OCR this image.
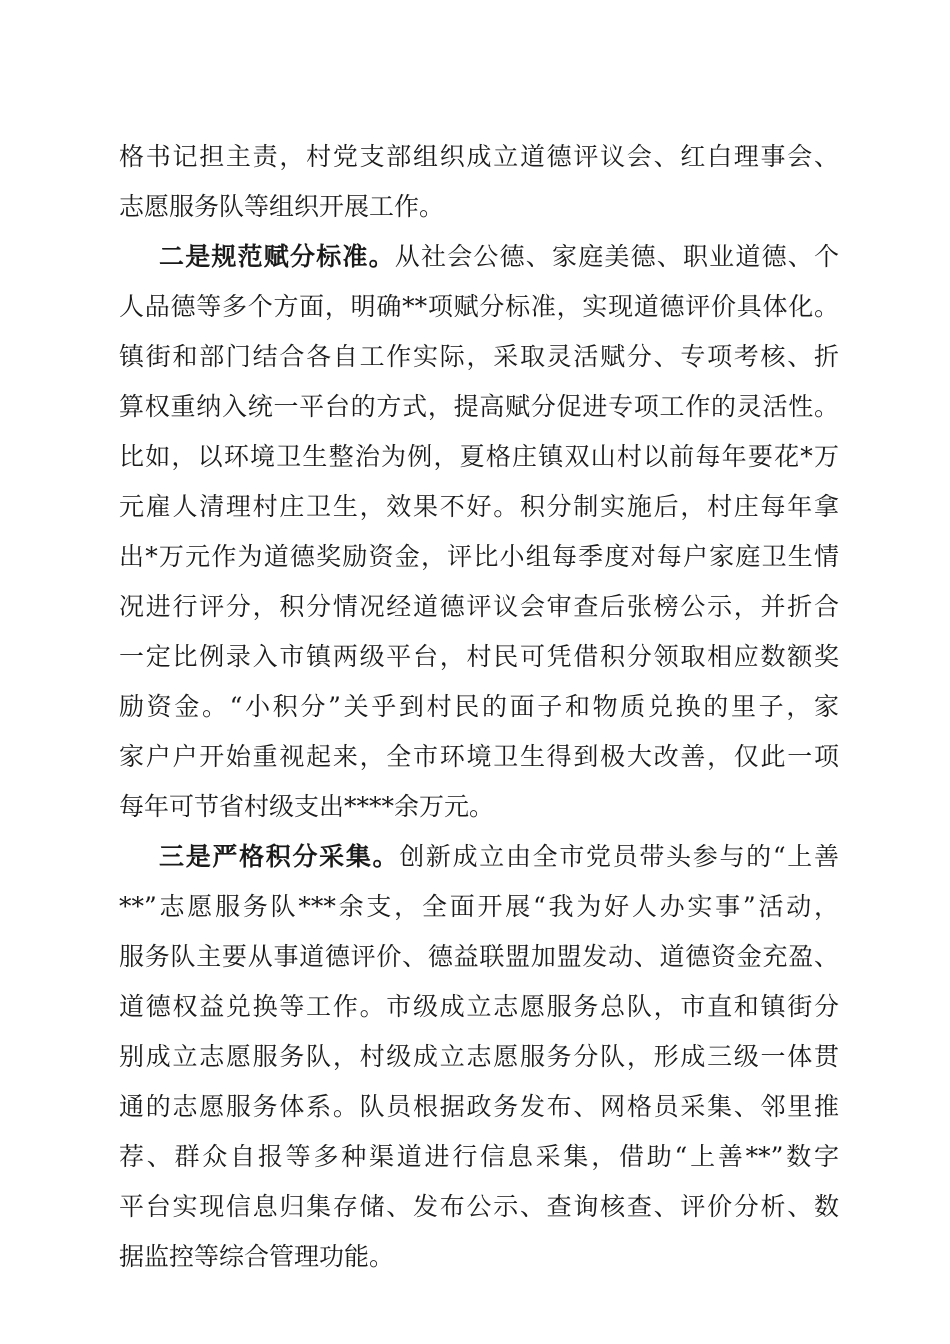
格书记担主责，村党支部组织成立道德评议会、红白理事会、
志愿服务队等组织开展工作。
二是规范赋分标准。从社会公德、家庭美德、职业道德、个
人品德等多个方面，明确**项赋分标准，实现道德评价具体化。
镇街和部门结合各自工作实际，采取灵活赋分、专项考核、折
算权重纳入统一平台的方式，提高赋分促进专项工作的灵活性。
比如，以环境卫生整治为例，夏格庄镇双山村以前每年要花*万
元雇人清理村庄卫生，效果不好。积分制实施后，村庄每年拿
出*万元作为道德奖励资金，评比小组每季度对每户家庭卫生情
况进行评分，积分情况经道德评议会审查后张榜公示，并折合
一定比例录入市镇两级平台，村民可凭借积分领取相应数额奖
励资金。“小积分”关乎到村民的面子和物质兑换的里子，家
家户户开始重视起来，全市环境卫生得到极大改善，仅此一项
每年可节省村级支出****余万元。
三是严格积分采集。创新成立由全市党员带头参与的“上善
**”志愿服务队***余支，全面开展“我为好人办实事”活动，
服务队主要从事道德评价、德益联盟加盟发动、道德资金充盈、
道德权益兑换等工作。市级成立志愿服务总队，市直和镇街分
别成立志愿服务队，村级成立志愿服务分队，形成三级一体贯
通的志愿服务体系。队员根据政务发布、网格员采集、邻里推
荐、群众自报等多种渠道进行信息采集，借助“上善**”数字
平台实现信息归集存储、发布公示、查询核查、评价分析、数
据监控等综合管理功能。
